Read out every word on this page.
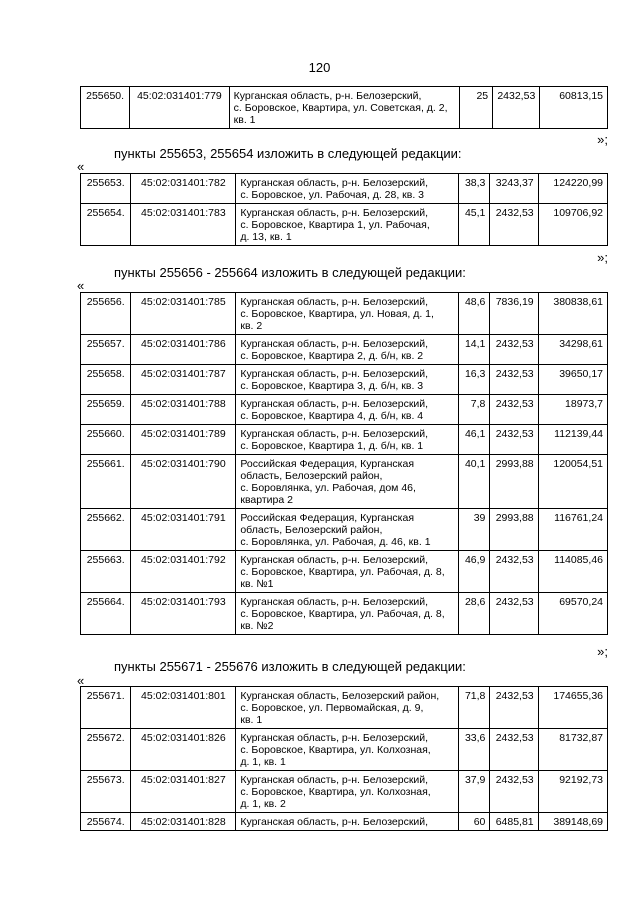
120
255650.	45:02:031401:779	Курганская область, р-н. Белозерский,
с. Боровское, Квартира, ул. Советская, д. 2, кв. 1	25	2432,53	60813,15
»;
пункты 255653, 255654 изложить в следующей редакции:
«
255653.	45:02:031401:782	Курганская область, р-н. Белозерский,
с. Боровское, ул. Рабочая, д. 28, кв. 3	38,3	3243,37	124220,99
255654.	45:02:031401:783	Курганская область, р-н. Белозерский,
с. Боровское, Квартира 1, ул. Рабочая,
д. 13, кв. 1	45,1	2432,53	109706,92
»;
пункты 255656 - 255664 изложить в следующей редакции:
«
255656.	45:02:031401:785	Курганская область, р-н. Белозерский,
с. Боровское, Квартира, ул. Новая, д. 1,
кв. 2	48,6	7836,19	380838,61
255657.	45:02:031401:786	Курганская область, р-н. Белозерский,
с. Боровское, Квартира 2, д. б/н, кв. 2	14,1	2432,53	34298,61
255658.	45:02:031401:787	Курганская область, р-н. Белозерский,
с. Боровское, Квартира 3, д. б/н, кв. 3	16,3	2432,53	39650,17
255659.	45:02:031401:788	Курганская область, р-н. Белозерский,
с. Боровское, Квартира 4, д. б/н, кв. 4	7,8	2432,53	18973,7
255660.	45:02:031401:789	Курганская область, р-н. Белозерский,
с. Боровское, Квартира 1, д. б/н, кв. 1	46,1	2432,53	112139,44
255661.	45:02:031401:790	Российская Федерация, Курганская
область, Белозерский район,
с. Боровлянка, ул. Рабочая, дом 46,
квартира 2	40,1	2993,88	120054,51
255662.	45:02:031401:791	Российская Федерация, Курганская
область, Белозерский район,
с. Боровлянка, ул. Рабочая, д. 46, кв. 1	39	2993,88	116761,24
255663.	45:02:031401:792	Курганская область, р-н. Белозерский,
с. Боровское, Квартира, ул. Рабочая, д. 8,
кв. №1	46,9	2432,53	114085,46
255664.	45:02:031401:793	Курганская область, р-н. Белозерский,
с. Боровское, Квартира, ул. Рабочая, д. 8,
кв. №2	28,6	2432,53	69570,24
»;
пункты 255671 - 255676 изложить в следующей редакции:
«
255671.	45:02:031401:801	Курганская область, Белозерский район,
с. Боровское, ул. Первомайская, д. 9,
кв. 1	71,8	2432,53	174655,36
255672.	45:02:031401:826	Курганская область, р-н. Белозерский,
с. Боровское, Квартира, ул. Колхозная,
д. 1, кв. 1	33,6	2432,53	81732,87
255673.	45:02:031401:827	Курганская область, р-н. Белозерский,
с. Боровское, Квартира, ул. Колхозная,
д. 1, кв. 2	37,9	2432,53	92192,73
255674.	45:02:031401:828	Курганская область, р-н. Белозерский,	60	6485,81	389148,69
